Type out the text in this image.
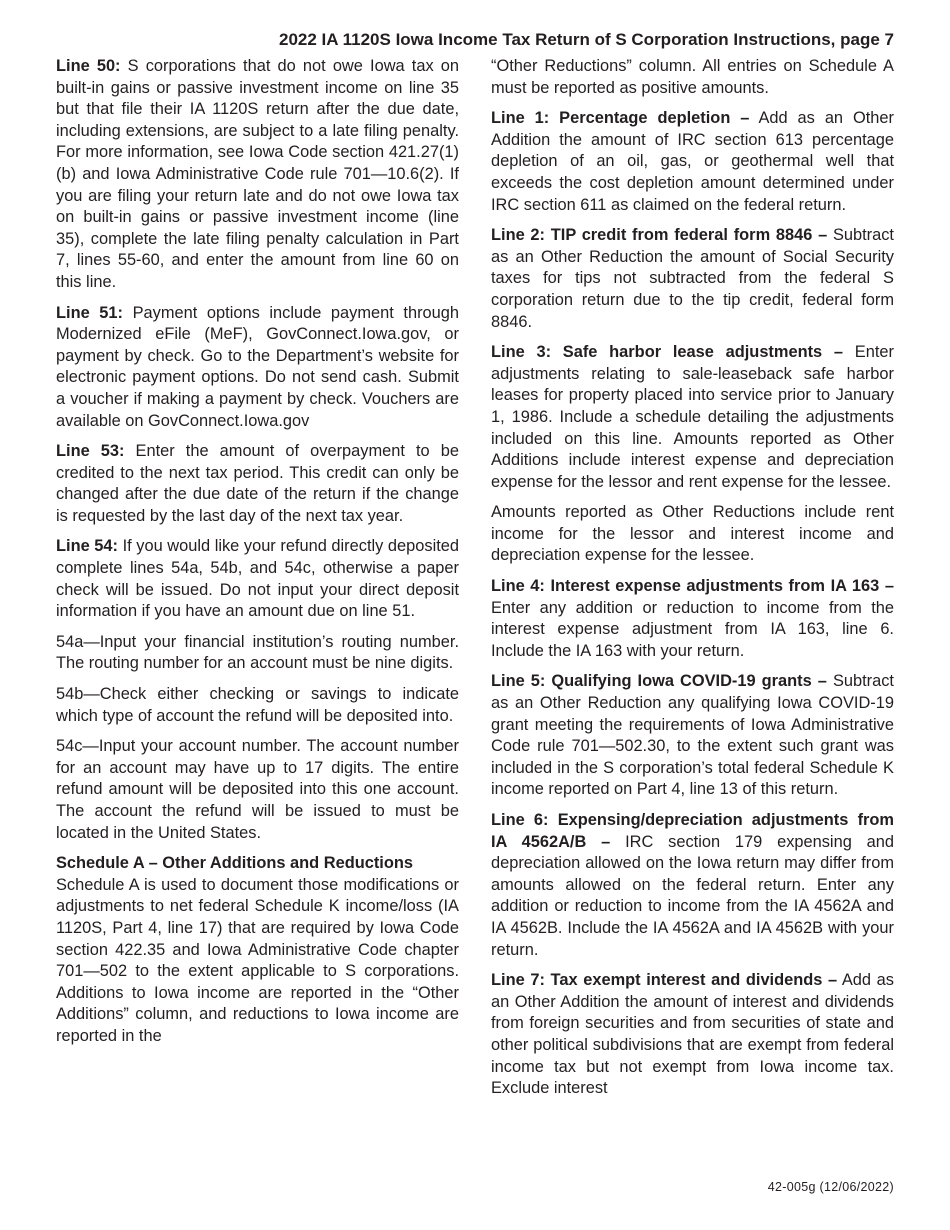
2022 IA 1120S Iowa Income Tax Return of S Corporation Instructions, page 7

Line 50: S corporations that do not owe Iowa tax on built-in gains or passive investment income on line 35 but that file their IA 1120S return after the due date, including extensions, are subject to a late filing penalty. For more information, see Iowa Code section 421.27(1)(b) and Iowa Administrative Code rule 701—10.6(2). If you are filing your return late and do not owe Iowa tax on built-in gains or passive investment income (line 35), complete the late filing penalty calculation in Part 7, lines 55-60, and enter the amount from line 60 on this line.

Line 51: Payment options include payment through Modernized eFile (MeF), GovConnect.Iowa.gov, or payment by check. Go to the Department’s website for electronic payment options. Do not send cash. Submit a voucher if making a payment by check. Vouchers are available on GovConnect.Iowa.gov

Line 53: Enter the amount of overpayment to be credited to the next tax period. This credit can only be changed after the due date of the return if the change is requested by the last day of the next tax year.

Line 54: If you would like your refund directly deposited complete lines 54a, 54b, and 54c, otherwise a paper check will be issued. Do not input your direct deposit information if you have an amount due on line 51.

54a—Input your financial institution’s routing number. The routing number for an account must be nine digits.

54b—Check either checking or savings to indicate which type of account the refund will be deposited into.

54c—Input your account number. The account number for an account may have up to 17 digits. The entire refund amount will be deposited into this one account. The account the refund will be issued to must be located in the United States.

Schedule A – Other Additions and Reductions
Schedule A is used to document those modifications or adjustments to net federal Schedule K income/loss (IA 1120S, Part 4, line 17) that are required by Iowa Code section 422.35 and Iowa Administrative Code chapter 701—502 to the extent applicable to S corporations. Additions to Iowa income are reported in the “Other Additions” column, and reductions to Iowa income are reported in the

“Other Reductions” column. All entries on Schedule A must be reported as positive amounts.

Line 1: Percentage depletion – Add as an Other Addition the amount of IRC section 613 percentage depletion of an oil, gas, or geothermal well that exceeds the cost depletion amount determined under IRC section 611 as claimed on the federal return.

Line 2: TIP credit from federal form 8846 – Subtract as an Other Reduction the amount of Social Security taxes for tips not subtracted from the federal S corporation return due to the tip credit, federal form 8846.

Line 3: Safe harbor lease adjustments – Enter adjustments relating to sale-leaseback safe harbor leases for property placed into service prior to January 1, 1986. Include a schedule detailing the adjustments included on this line. Amounts reported as Other Additions include interest expense and depreciation expense for the lessor and rent expense for the lessee.

Amounts reported as Other Reductions include rent income for the lessor and interest income and depreciation expense for the lessee.

Line 4: Interest expense adjustments from IA 163 – Enter any addition or reduction to income from the interest expense adjustment from IA 163, line 6. Include the IA 163 with your return.

Line 5: Qualifying Iowa COVID-19 grants – Subtract as an Other Reduction any qualifying Iowa COVID-19 grant meeting the requirements of Iowa Administrative Code rule 701—502.30, to the extent such grant was included in the S corporation’s total federal Schedule K income reported on Part 4, line 13 of this return.

Line 6: Expensing/depreciation adjustments from IA 4562A/B – IRC section 179 expensing and depreciation allowed on the Iowa return may differ from amounts allowed on the federal return. Enter any addition or reduction to income from the IA 4562A and IA 4562B. Include the IA 4562A and IA 4562B with your return.

Line 7: Tax exempt interest and dividends – Add as an Other Addition the amount of interest and dividends from foreign securities and from securities of state and other political subdivisions that are exempt from federal income tax but not exempt from Iowa income tax. Exclude interest

42-005g (12/06/2022)
